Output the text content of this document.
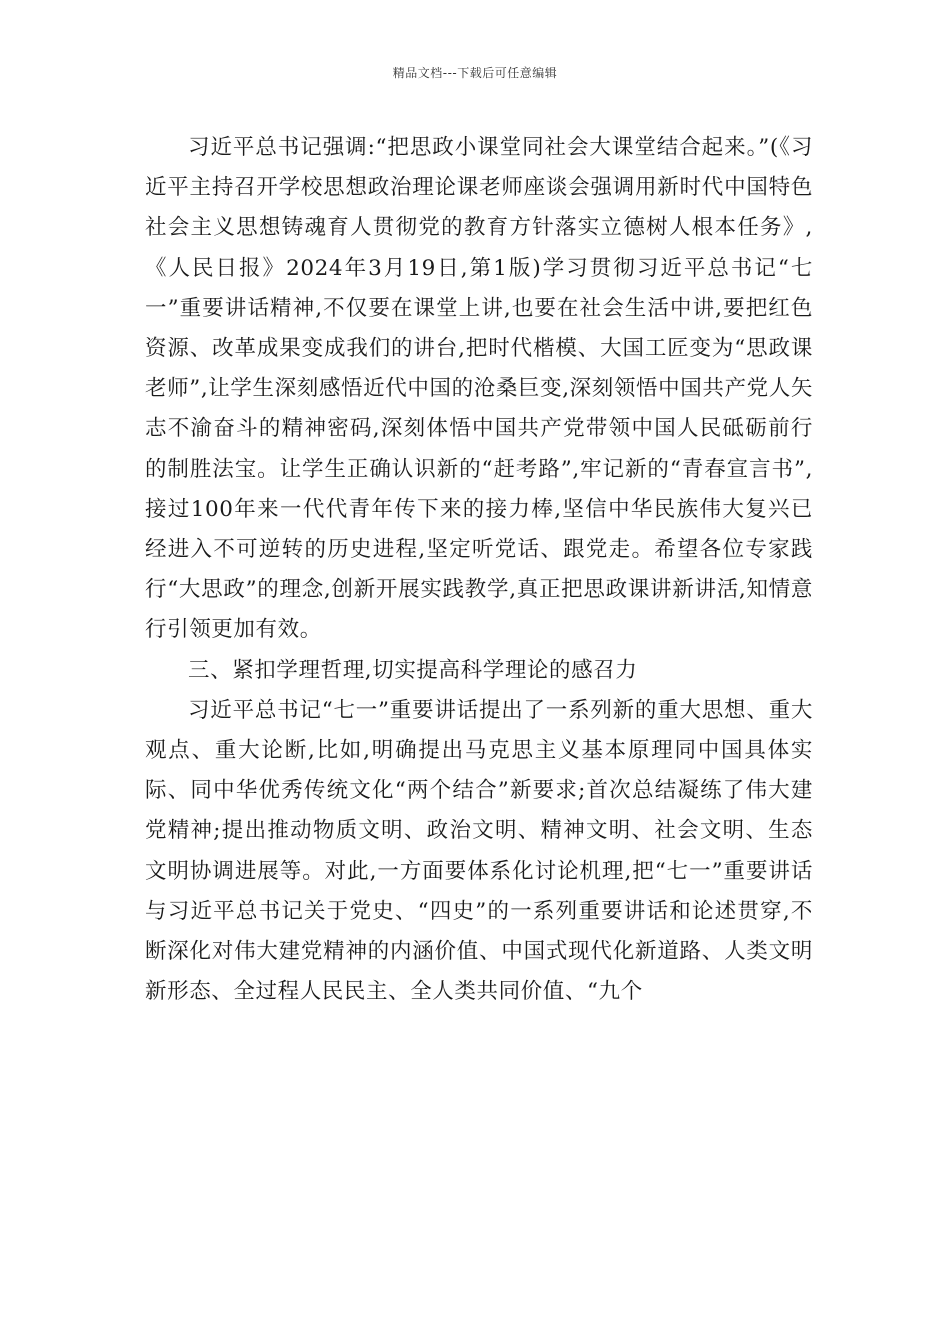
精品文档---下载后可任意编辑

习近平总书记强调:“把思政小课堂同社会大课堂结合起来。”(《习近平主持召开学校思想政治理论课老师座谈会强调用新时代中国特色社会主义思想铸魂育人贯彻党的教育方针落实立德树人根本任务》,《人民日报》2024年3月19日,第1版)学习贯彻习近平总书记“七一”重要讲话精神,不仅要在课堂上讲,也要在社会生活中讲,要把红色资源、改革成果变成我们的讲台,把时代楷模、大国工匠变为“思政课老师”,让学生深刻感悟近代中国的沧桑巨变,深刻领悟中国共产党人矢志不渝奋斗的精神密码,深刻体悟中国共产党带领中国人民砥砺前行的制胜法宝。让学生正确认识新的“赶考路”,牢记新的“青春宣言书”,接过100年来一代代青年传下来的接力棒,坚信中华民族伟大复兴已经进入不可逆转的历史进程,坚定听党话、跟党走。希望各位专家践行“大思政”的理念,创新开展实践教学,真正把思政课讲新讲活,知情意行引领更加有效。

三、紧扣学理哲理,切实提高科学理论的感召力

习近平总书记“七一”重要讲话提出了一系列新的重大思想、重大观点、重大论断,比如,明确提出马克思主义基本原理同中国具体实际、同中华优秀传统文化“两个结合”新要求;首次总结凝练了伟大建党精神;提出推动物质文明、政治文明、精神文明、社会文明、生态文明协调进展等。对此,一方面要体系化讨论机理,把“七一”重要讲话与习近平总书记关于党史、“四史”的一系列重要讲话和论述贯穿,不断深化对伟大建党精神的内涵价值、中国式现代化新道路、人类文明新形态、全过程人民民主、全人类共同价值、“九个
